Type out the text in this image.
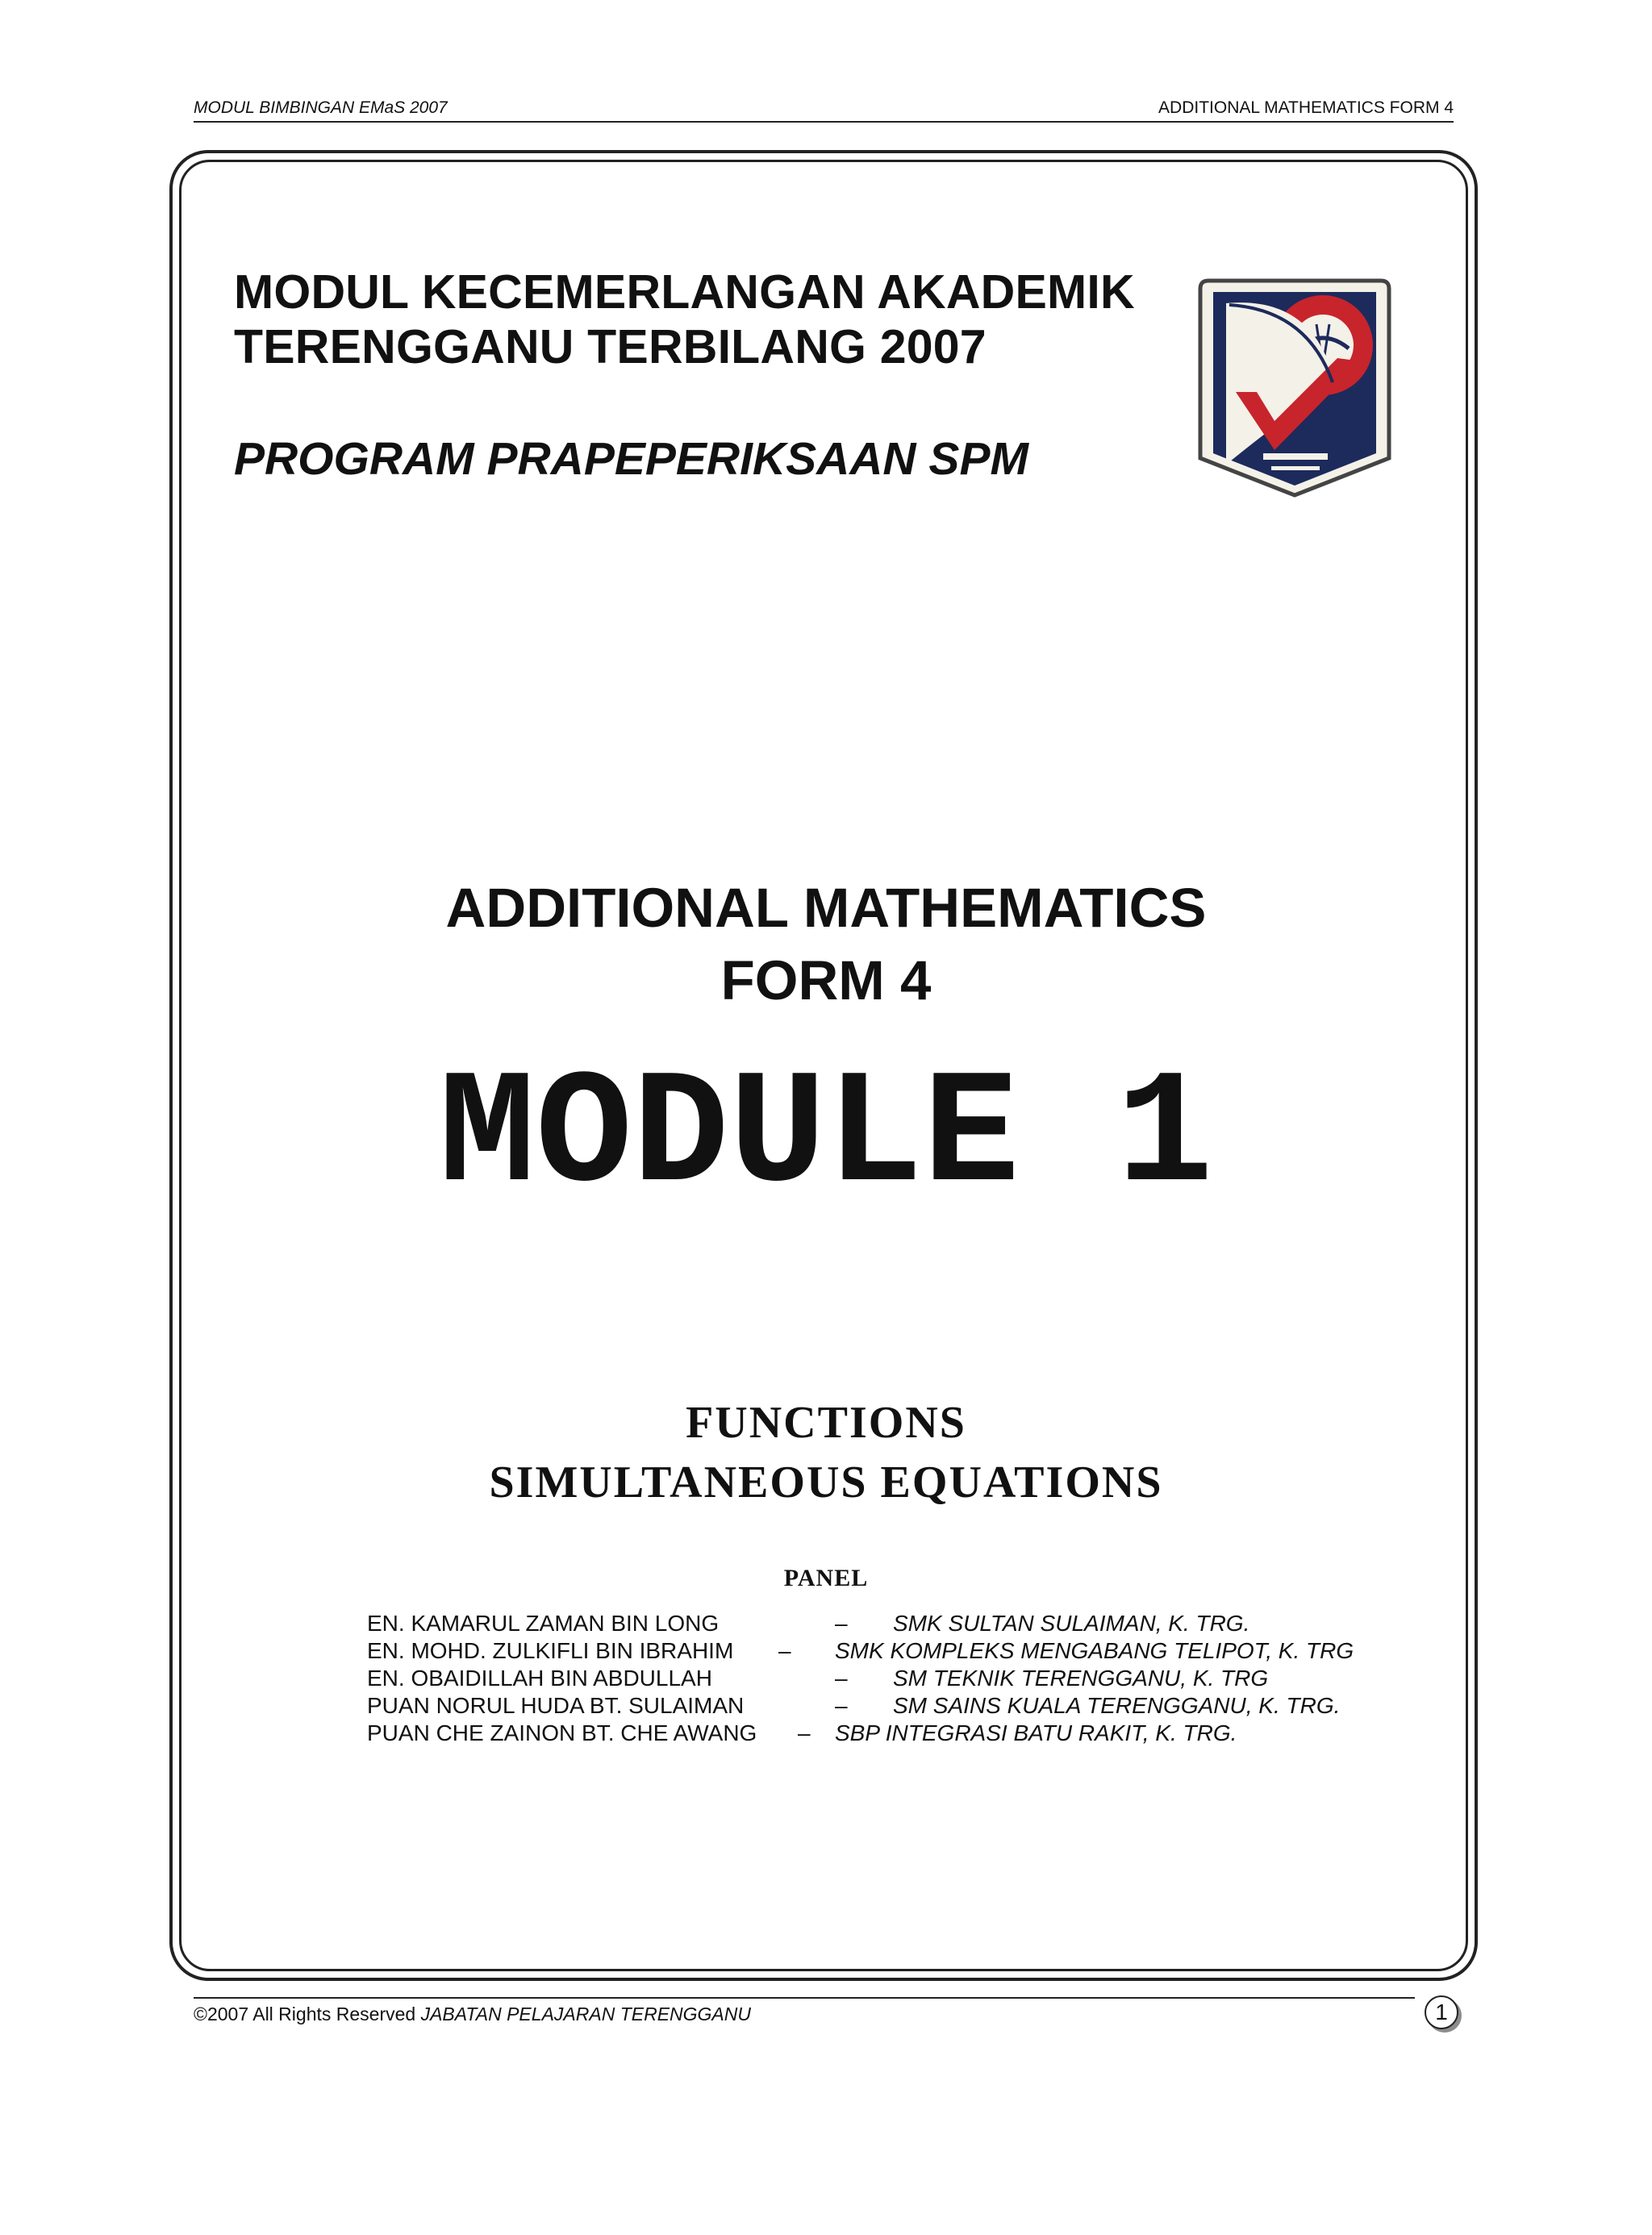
MODUL BIMBINGAN EMaS 2007	ADDITIONAL MATHEMATICS FORM 4
MODUL KECEMERLANGAN AKADEMIK
TERENGGANU TERBILANG 2007
PROGRAM PRAPEPERIKSAAN SPM
ADDITIONAL MATHEMATICS
FORM 4
MODULE 1
FUNCTIONS
SIMULTANEOUS EQUATIONS
PANEL
EN. KAMARUL ZAMAN BIN LONG	– SMK SULTAN SULAIMAN, K. TRG.
EN. MOHD. ZULKIFLI BIN IBRAHIM – SMK KOMPLEKS MENGABANG TELIPOT, K. TRG
EN. OBAIDILLAH BIN ABDULLAH	– SM TEKNIK TERENGGANU, K. TRG
PUAN NORUL HUDA BT. SULAIMAN	– SM SAINS KUALA TERENGGANU, K. TRG.
PUAN CHE ZAINON BT. CHE AWANG – SBP INTEGRASI BATU RAKIT, K. TRG.
©2007 All Rights Reserved JABATAN PELAJARAN TERENGGANU	1
